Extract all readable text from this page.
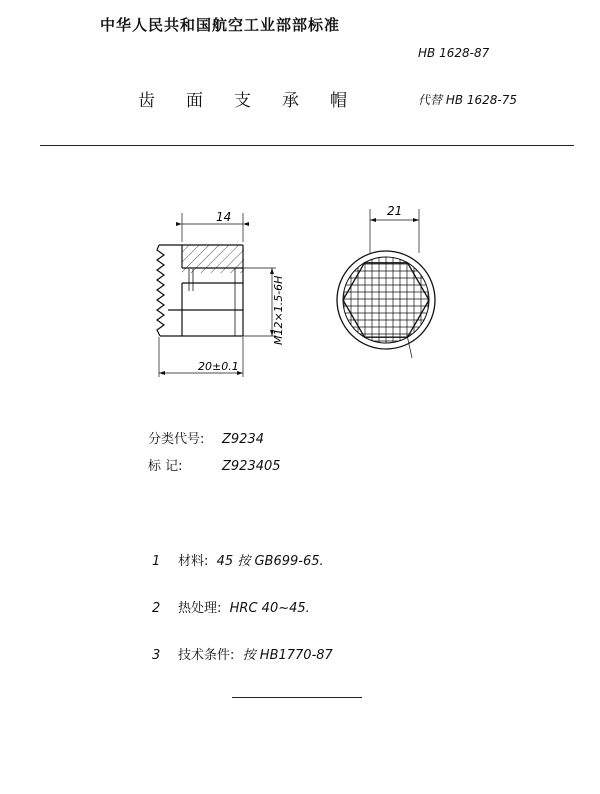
中华人民共和国航空工业部部标准
HB 1628-87
齿 面 支 承 帽	代替 HB 1628-75
14
20±0.1
M12×1.5-6H
21
分类代号: Z9234
标 记:	Z923405
1 材料: 45 按 GB699-65.
2 热处理: HRC 40~45.
3 技术条件: 按 HB1770-87
